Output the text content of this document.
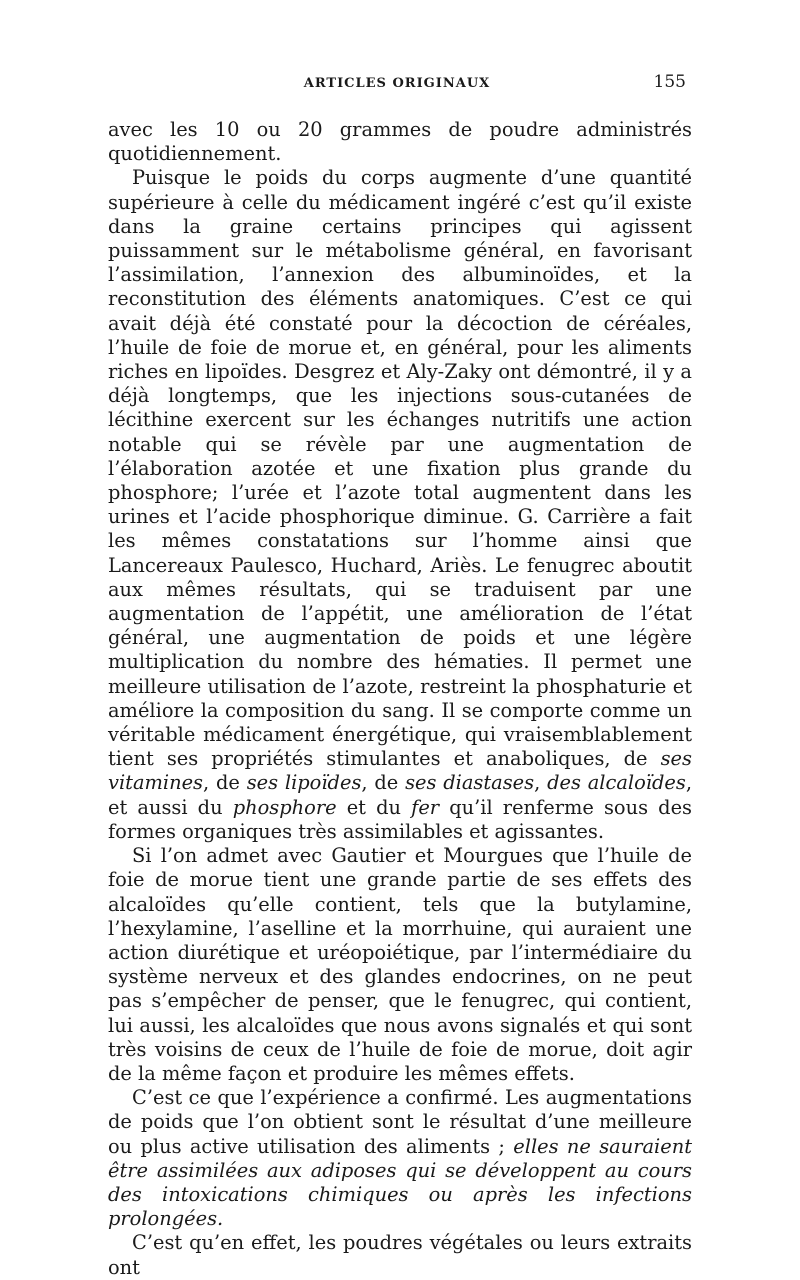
ARTICLES ORIGINAUX	155

avec les 10 ou 20 grammes de poudre administrés quotidiennement.

Puisque le poids du corps augmente d’une quantité supérieure à celle du médicament ingéré c’est qu’il existe dans la graine certains principes qui agissent puissamment sur le métabolisme général, en favorisant l’assimilation, l’annexion des albuminoïdes, et la reconstitution des éléments anatomiques. C’est ce qui avait déjà été constaté pour la décoction de céréales, l’huile de foie de morue et, en général, pour les aliments riches en lipoïdes. Desgrez et Aly-Zaky ont démontré, il y a déjà longtemps, que les injections sous-cutanées de lécithine exercent sur les échanges nutritifs une action notable qui se révèle par une augmentation de l’élaboration azotée et une fixation plus grande du phosphore; l’urée et l’azote total augmentent dans les urines et l’acide phosphorique diminue. G. Carrière a fait les mêmes constatations sur l’homme ainsi que Lancereaux Paulesco, Huchard, Ariès. Le fenugrec aboutit aux mêmes résultats, qui se traduisent par une augmentation de l’appétit, une amélioration de l’état général, une augmentation de poids et une légère multiplication du nombre des hématies. Il permet une meilleure utilisation de l’azote, restreint la phosphaturie et améliore la composition du sang. Il se comporte comme un véritable médicament énergétique, qui vraisemblablement tient ses propriétés stimulantes et anaboliques, de ses vitamines, de ses lipoïdes, de ses diastases, des alcaloïdes, et aussi du phosphore et du fer qu’il renferme sous des formes organiques très assimilables et agissantes.

Si l’on admet avec Gautier et Mourgues que l’huile de foie de morue tient une grande partie de ses effets des alcaloïdes qu’elle contient, tels que la butylamine, l’hexylamine, l’aselline et la morrhuine, qui auraient une action diurétique et uréopoiétique, par l’intermédiaire du système nerveux et des glandes endocrines, on ne peut pas s’empêcher de penser, que le fenugrec, qui contient, lui aussi, les alcaloïdes que nous avons signalés et qui sont très voisins de ceux de l’huile de foie de morue, doit agir de la même façon et produire les mêmes effets.

C’est ce que l’expérience a confirmé. Les augmentations de poids que l’on obtient sont le résultat d’une meilleure ou plus active utilisation des aliments ; elles ne sauraient être assimilées aux adiposes qui se développent au cours des intoxications chimiques ou après les infections prolongées.

C’est qu’en effet, les poudres végétales ou leurs extraits ont
